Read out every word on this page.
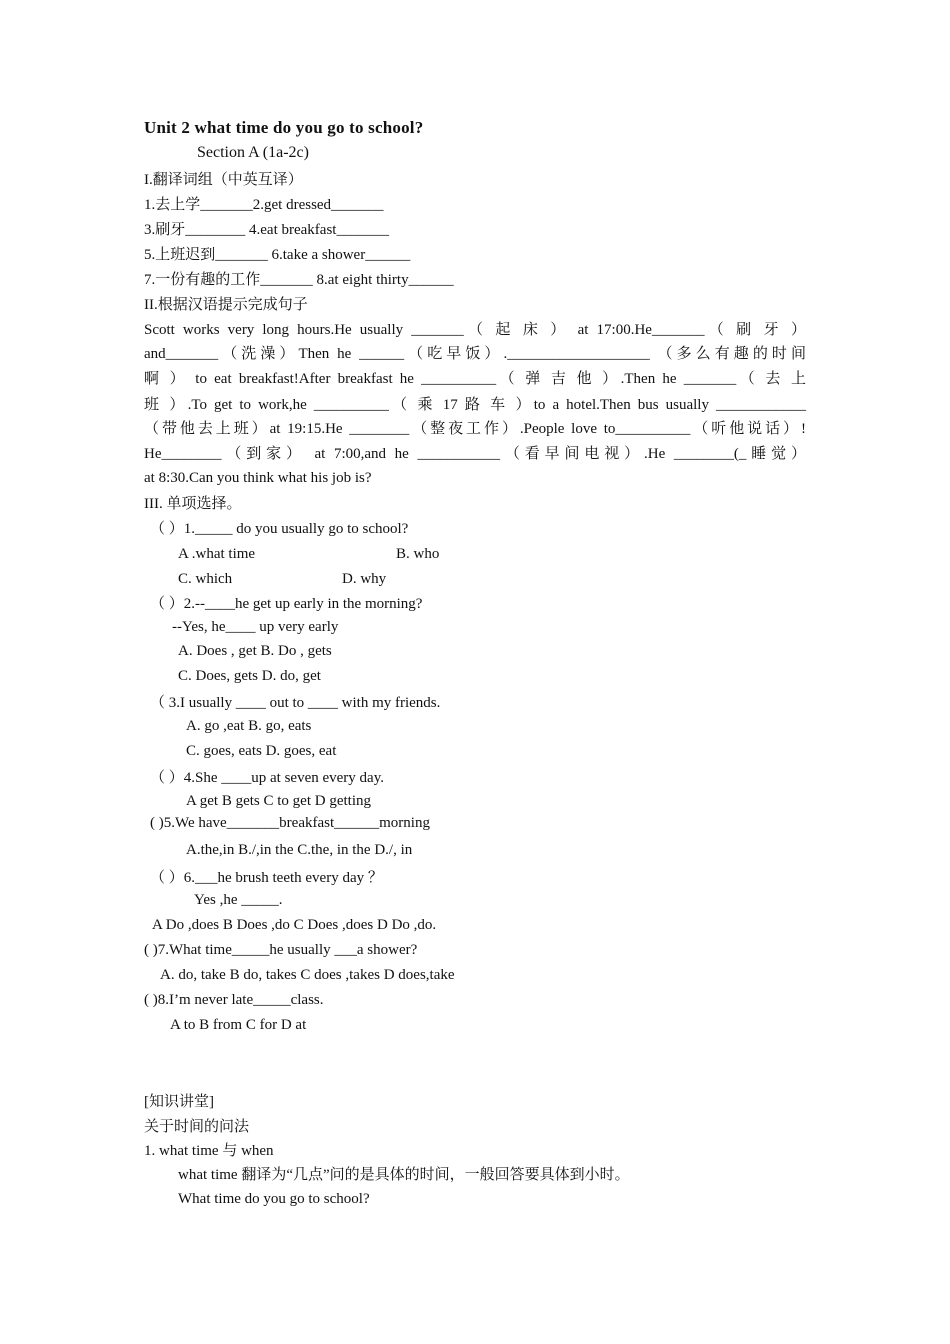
Unit 2 what time do you go to school?
Section A (1a-2c)
I.翻译词组（中英互译）
1.去上学_______2.get dressed_______
3.刷牙________ 4.eat breakfast_______
5.上班迟到_______ 6.take a shower______
7.一份有趣的工作_______ 8.at eight thirty______
II.根据汉语提示完成句子
Scott works very long hours.He usually _______（ 起 床 ） at 17:00.He_______（ 刷 牙 ）
and_______（洗澡）Then he ______（吃早饭）.___________________ （多么有趣的时间
啊 ） to eat breakfast!After breakfast he __________（ 弹 吉 他 ）.Then he _______（ 去 上
班 ）.To get to work,he __________（ 乘 17 路 车 ）to a hotel.Then bus usually ____________
（带他去上班）at 19:15.He ________（整夜工作）.People love to__________（听他说话）!
He________（到家） at 7:00,and he ___________（看早间电视）.He ________(_睡觉）
at 8:30.Can you think what his job is?
III. 单项选择。
（ ）1._____ do you usually go to school?
A .what time	B. who
C. which	D. why
（ ）2.--____he get up early in the morning?
--Yes, he____ up very early
A. Does , get B. Do , gets
C. Does, gets D. do, get
（ 3.I usually ____ out to ____ with my friends.
A. go ,eat B. go, eats
C. goes, eats D. goes, eat
（ ）4.She ____up at seven every day.
A get B gets C to get D getting
( )5.We have_______breakfast______morning
A.the,in B./,in the C.the, in the D./, in
（ ）6.___he brush teeth every day ？
Yes ,he _____.
A Do ,does B Does ,do C Does ,does D Do ,do.
( )7.What time_____he usually ___a shower?
A. do, take B do, takes C does ,takes D does,take
( )8.I’m never late_____class.
A to B from C for D at
[知识讲堂]
关于时间的问法
1. what time 与 when
what time 翻译为“几点”问的是具体的时间，一般回答要具体到小时。
What time do you go to school?
